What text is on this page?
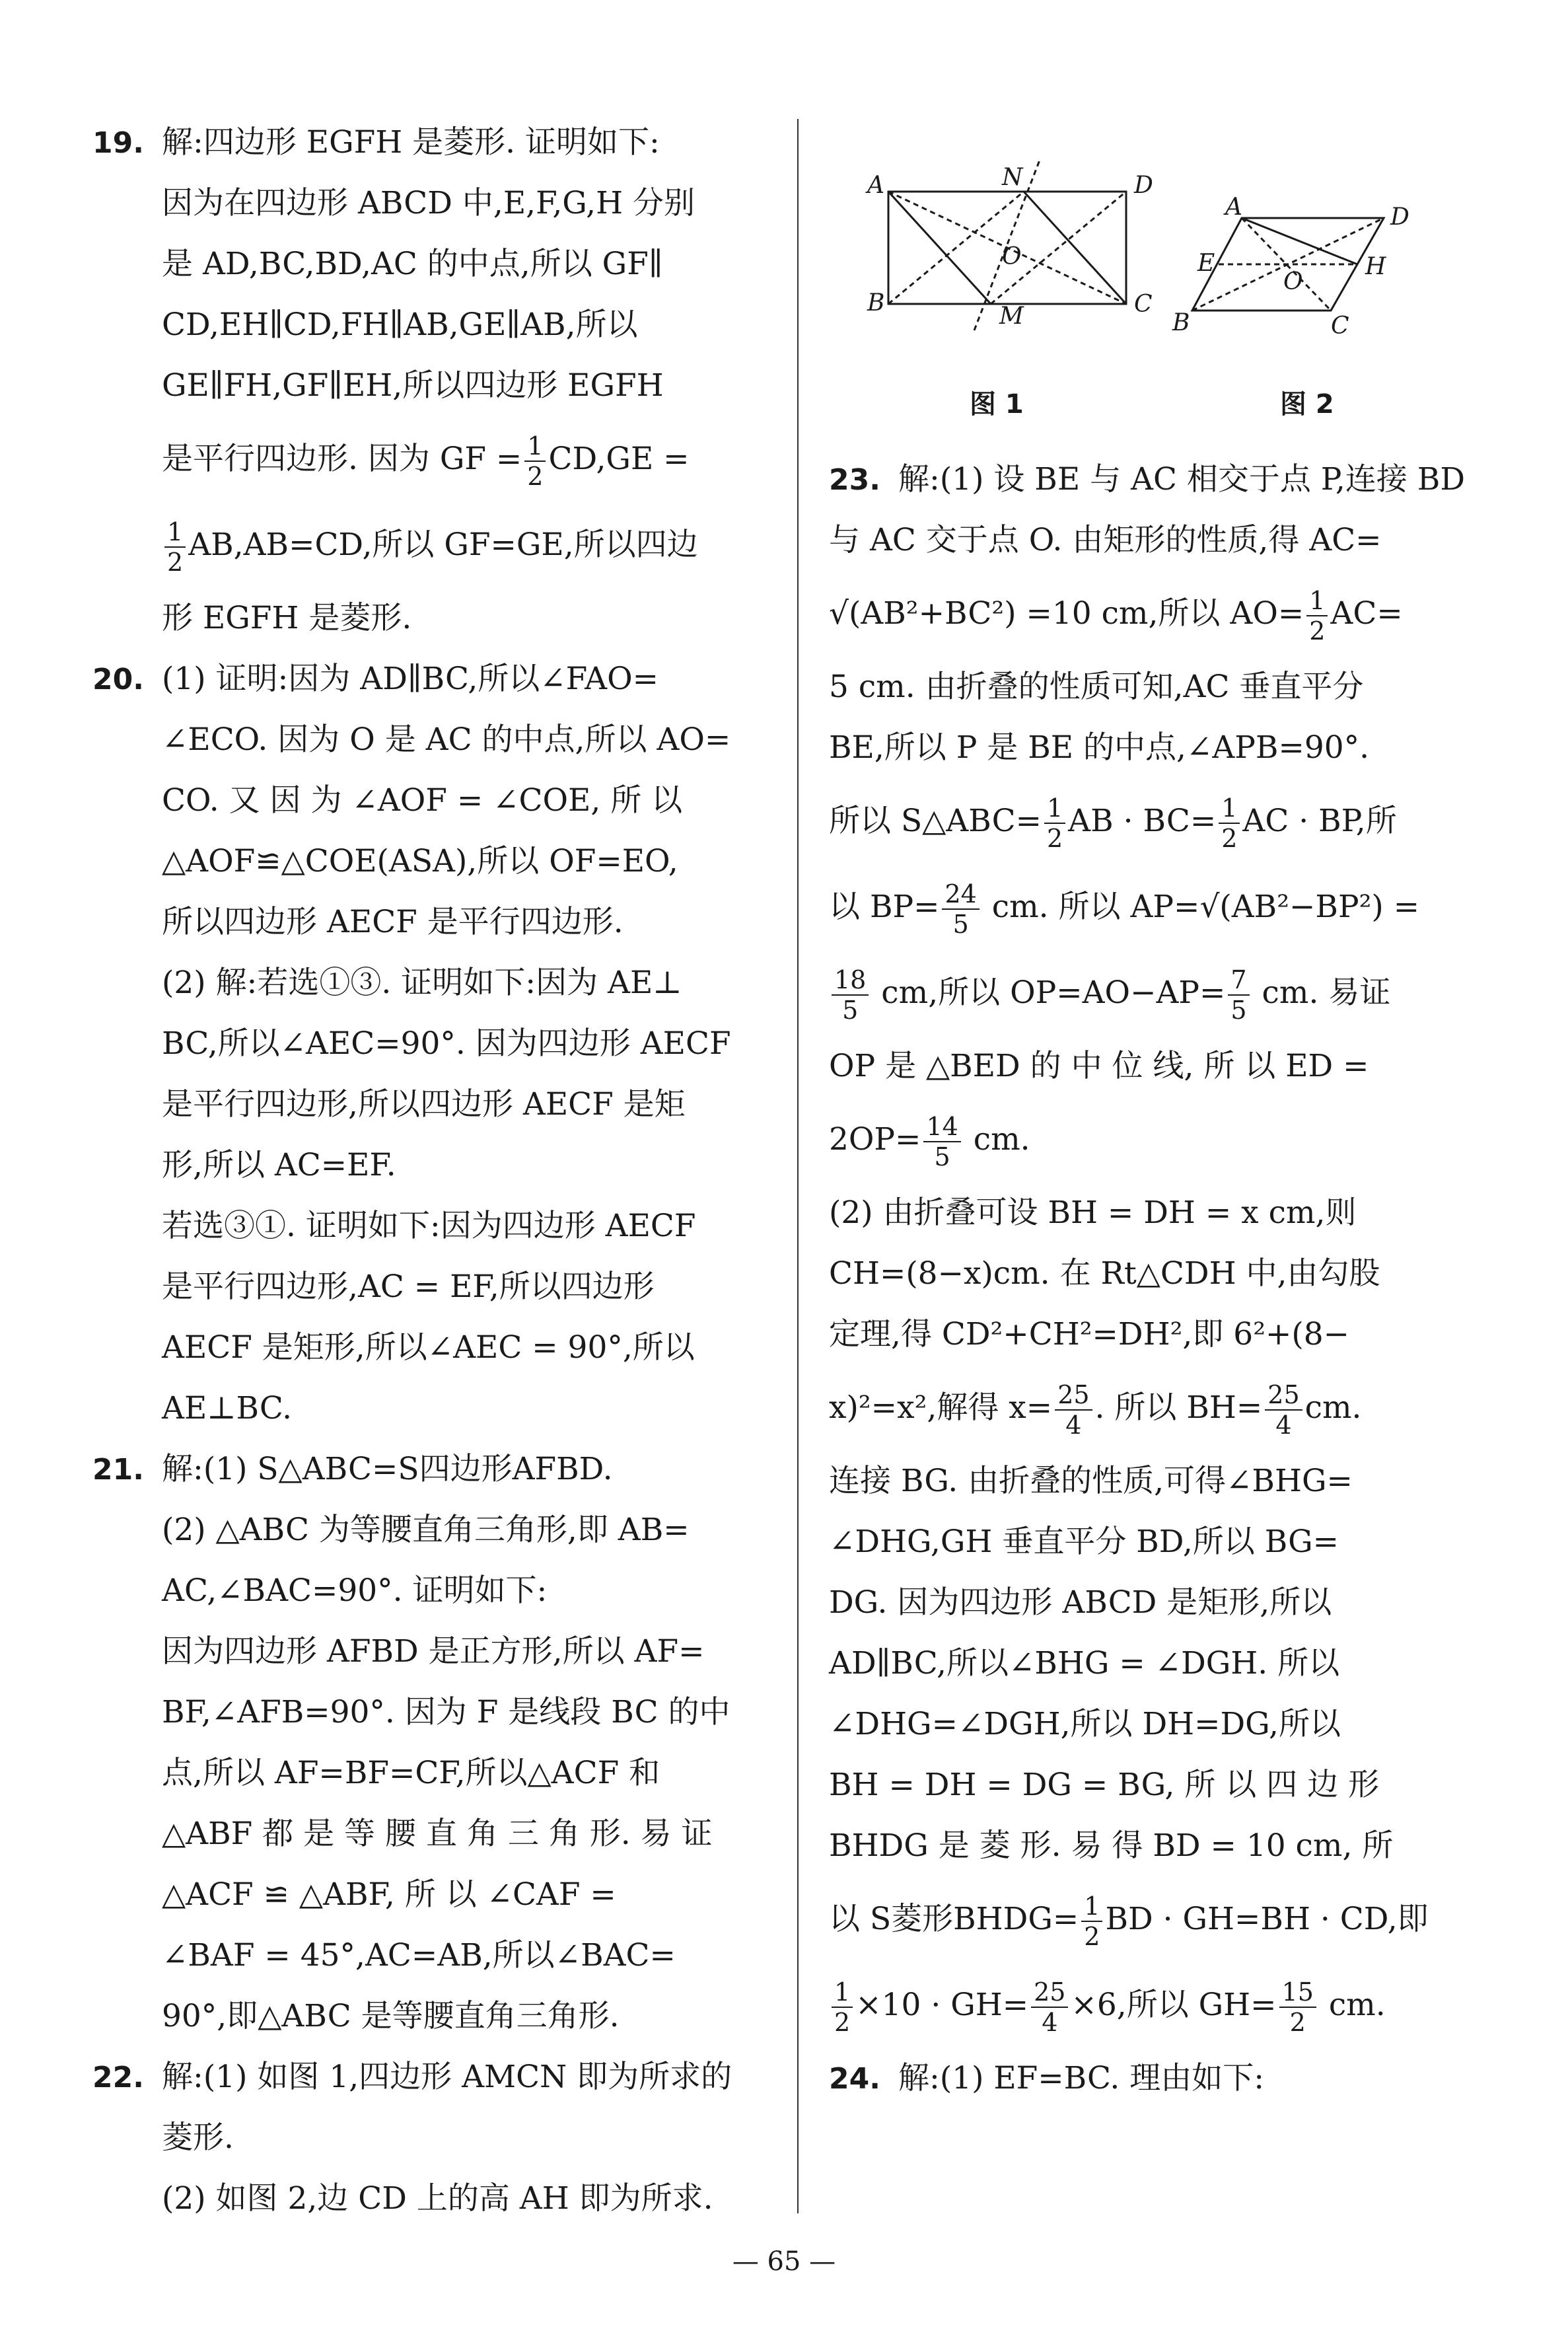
19. 解:四边形 EGFH 是菱形. 证明如下:
因为在四边形 ABCD 中,E,F,G,H 分别
是 AD,BC,BD,AC 的中点,所以 GF∥
CD,EH∥CD,FH∥AB,GE∥AB,所以
GE∥FH,GF∥EH,所以四边形 EGFH
是平行四边形. 因为 GF = $\frac{1}{2} CD,GE$ =
$\frac{1}{2} AB,AB=CD$,所以 GF=GE,所以四边
形 EGFH 是菱形.
20. (1) 证明:因为 AD∥BC,所以∠FAO=
∠ECO. 因为 O 是 AC 的中点,所以 AO=
CO. 又 因 为 ∠AOF = ∠COE, 所 以
△AOF≌△COE(ASA),所以 OF=EO,
所以四边形 AECF 是平行四边形.
(2) 解:若选①③. 证明如下:因为 AE⊥
BC,所以∠AEC=90°. 因为四边形 AECF
是平行四边形,所以四边形 AECF 是矩
形,所以 AC=EF.
若选③①. 证明如下:因为四边形 AECF
是平行四边形,AC = EF,所以四边形
AECF 是矩形,所以∠AEC = 90°,所以
AE⊥BC.
21. 解:(1) S△ABC=S四边形AFBD.
(2) △ABC 为等腰直角三角形,即 AB=
AC,∠BAC=90°. 证明如下:
因为四边形 AFBD 是正方形,所以 AF=
BF,∠AFB=90°. 因为 F 是线段 BC 的中
点,所以 AF=BF=CF,所以△ACF 和
△ABF 都 是 等 腰 直 角 三 角 形. 易 证
△ACF ≌ △ABF, 所 以 ∠CAF =
∠BAF = 45°,AC=AB,所以∠BAC=
90°,即△ABC 是等腰直角三角形.
22. 解:(1) 如图 1,四边形 AMCN 即为所求的
菱形.
(2) 如图 2,边 CD 上的高 AH 即为所求.
A	D
B	C
N
M
O
A	D
E	H
O
B	C
图 1	图 2
23. 解:(1) 设 BE 与 AC 相交于点 P,连接 BD
与 AC 交于点 O. 由矩形的性质,得 AC=
√(AB²+BC²) =10 cm,所以 $AO= \frac{1}{2} AC=$
5 cm. 由折叠的性质可知,AC 垂直平分
BE,所以 P 是 BE 的中点,∠APB=90°.
所以 S△ABC= $\frac{1}{2}$ AB · $BC= \frac{1}{2}$ AC · BP,所
以 $BP= \frac{24}{5}$ cm. 所以 AP=√(AB²−BP²) =
$\frac{18}{5}$ cm,所以 $OP=AO-AP= \frac{7}{5}$ cm. 易证
OP 是 △BED 的 中 位 线, 所 以 ED =
$2OP= \frac{14}{5}$ cm.
(2) 由折叠可设 BH = DH = x cm,则
CH=(8−x)cm. 在 Rt△CDH 中,由勾股
定理,得 CD²+CH²=DH²,即 6²+(8−
x)²=x²,解得 $x= \frac{25}{4}$ . 所以 $BH= \frac{25}{4}$ cm.
连接 BG. 由折叠的性质,可得∠BHG=
∠DHG,GH 垂直平分 BD,所以 BG=
DG. 因为四边形 ABCD 是矩形,所以
AD∥BC,所以∠BHG = ∠DGH. 所以
∠DHG=∠DGH,所以 DH=DG,所以
BH = DH = DG = BG, 所 以 四 边 形
BHDG 是 菱 形. 易 得 BD = 10 cm, 所
以 S菱形BHDG= $\frac{1}{2}$ BD · GH=BH · CD,即
$\frac{1}{2} \times 10 \cdot GH= \frac{25}{4} \times 6$,所以 $GH= \frac{15}{2}$ cm.
24. 解:(1) EF=BC. 理由如下:
— 65 —
